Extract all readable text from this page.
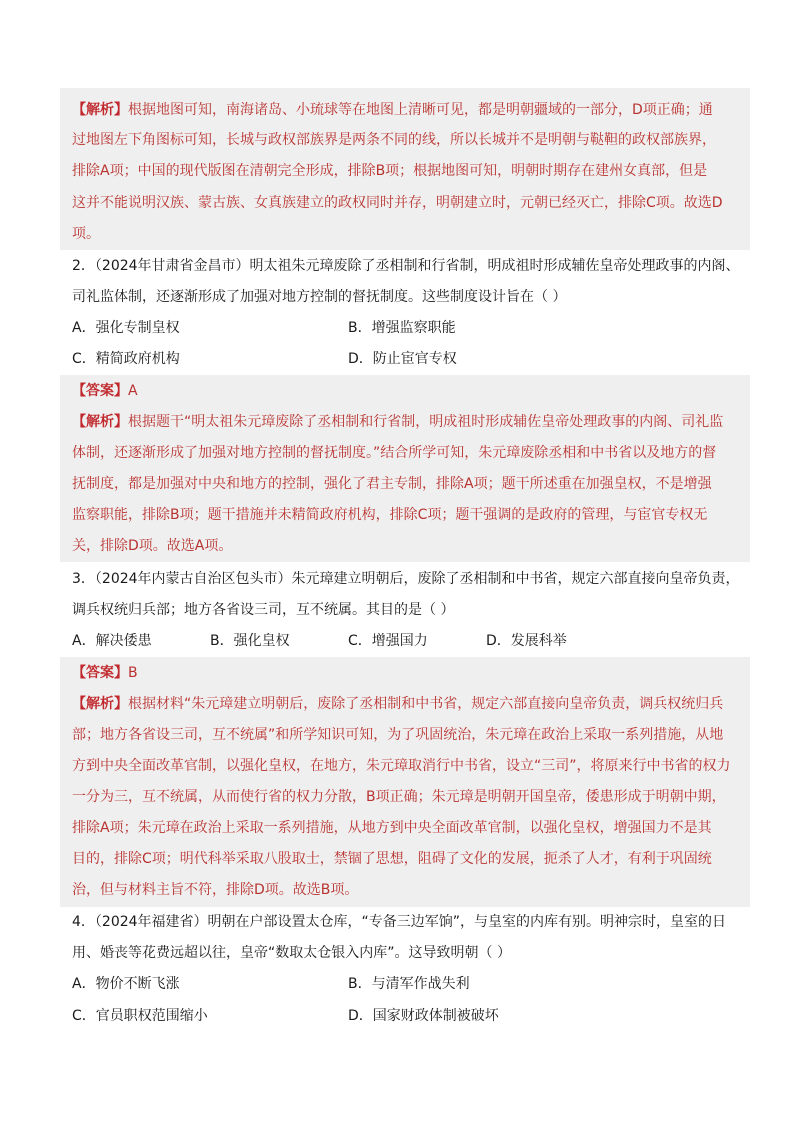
【解析】根据地图可知，南海诸岛、小琉球等在地图上清晰可见，都是明朝疆域的一部分，D项正确；通
过地图左下角图标可知，长城与政权部族界是两条不同的线，所以长城并不是明朝与鞑靼的政权部族界，
排除A项；中国的现代版图在清朝完全形成，排除B项；根据地图可知，明朝时期存在建州女真部，但是
这并不能说明汉族、蒙古族、女真族建立的政权同时并存，明朝建立时，元朝已经灭亡，排除C项。故选D
项。
2．（2024年甘肃省金昌市）明太祖朱元璋废除了丞相制和行省制，明成祖时形成辅佐皇帝处理政事的内阁、
司礼监体制，还逐渐形成了加强对地方控制的督抚制度。这些制度设计旨在（ ）
A．强化专制皇权	B．增强监察职能
C．精简政府机构	D．防止宦官专权
【答案】A
【解析】根据题干“明太祖朱元璋废除了丞相制和行省制，明成祖时形成辅佐皇帝处理政事的内阁、司礼监
体制，还逐渐形成了加强对地方控制的督抚制度。”结合所学可知，朱元璋废除丞相和中书省以及地方的督
抚制度，都是加强对中央和地方的控制，强化了君主专制，排除A项；题干所述重在加强皇权，不是增强
监察职能，排除B项；题干措施并未精简政府机构，排除C项；题干强调的是政府的管理，与宦官专权无
关，排除D项。故选A项。
3．（2024年内蒙古自治区包头市）朱元璋建立明朝后，废除了丞相制和中书省，规定六部直接向皇帝负责，
调兵权统归兵部；地方各省设三司，互不统属。其目的是（ ）
A．解决倭患	B．强化皇权	C．增强国力	D．发展科举
【答案】B
【解析】根据材料“朱元璋建立明朝后，废除了丞相制和中书省，规定六部直接向皇帝负责，调兵权统归兵
部；地方各省设三司，互不统属”和所学知识可知，为了巩固统治，朱元璋在政治上采取一系列措施，从地
方到中央全面改革官制，以强化皇权，在地方，朱元璋取消行中书省，设立“三司”，将原来行中书省的权力
一分为三，互不统属，从而使行省的权力分散，B项正确；朱元璋是明朝开国皇帝，倭患形成于明朝中期，
排除A项；朱元璋在政治上采取一系列措施，从地方到中央全面改革官制，以强化皇权，增强国力不是其
目的，排除C项；明代科举采取八股取士，禁锢了思想，阻碍了文化的发展，扼杀了人才，有利于巩固统
治，但与材料主旨不符，排除D项。故选B项。
4．（2024年福建省）明朝在户部设置太仓库，“专备三边军饷”，与皇室的内库有别。明神宗时，皇室的日
用、婚丧等花费远超以往，皇帝“数取太仓银入内库”。这导致明朝（ ）
A．物价不断飞涨	B．与清军作战失利
C．官员职权范围缩小	D．国家财政体制被破坏
